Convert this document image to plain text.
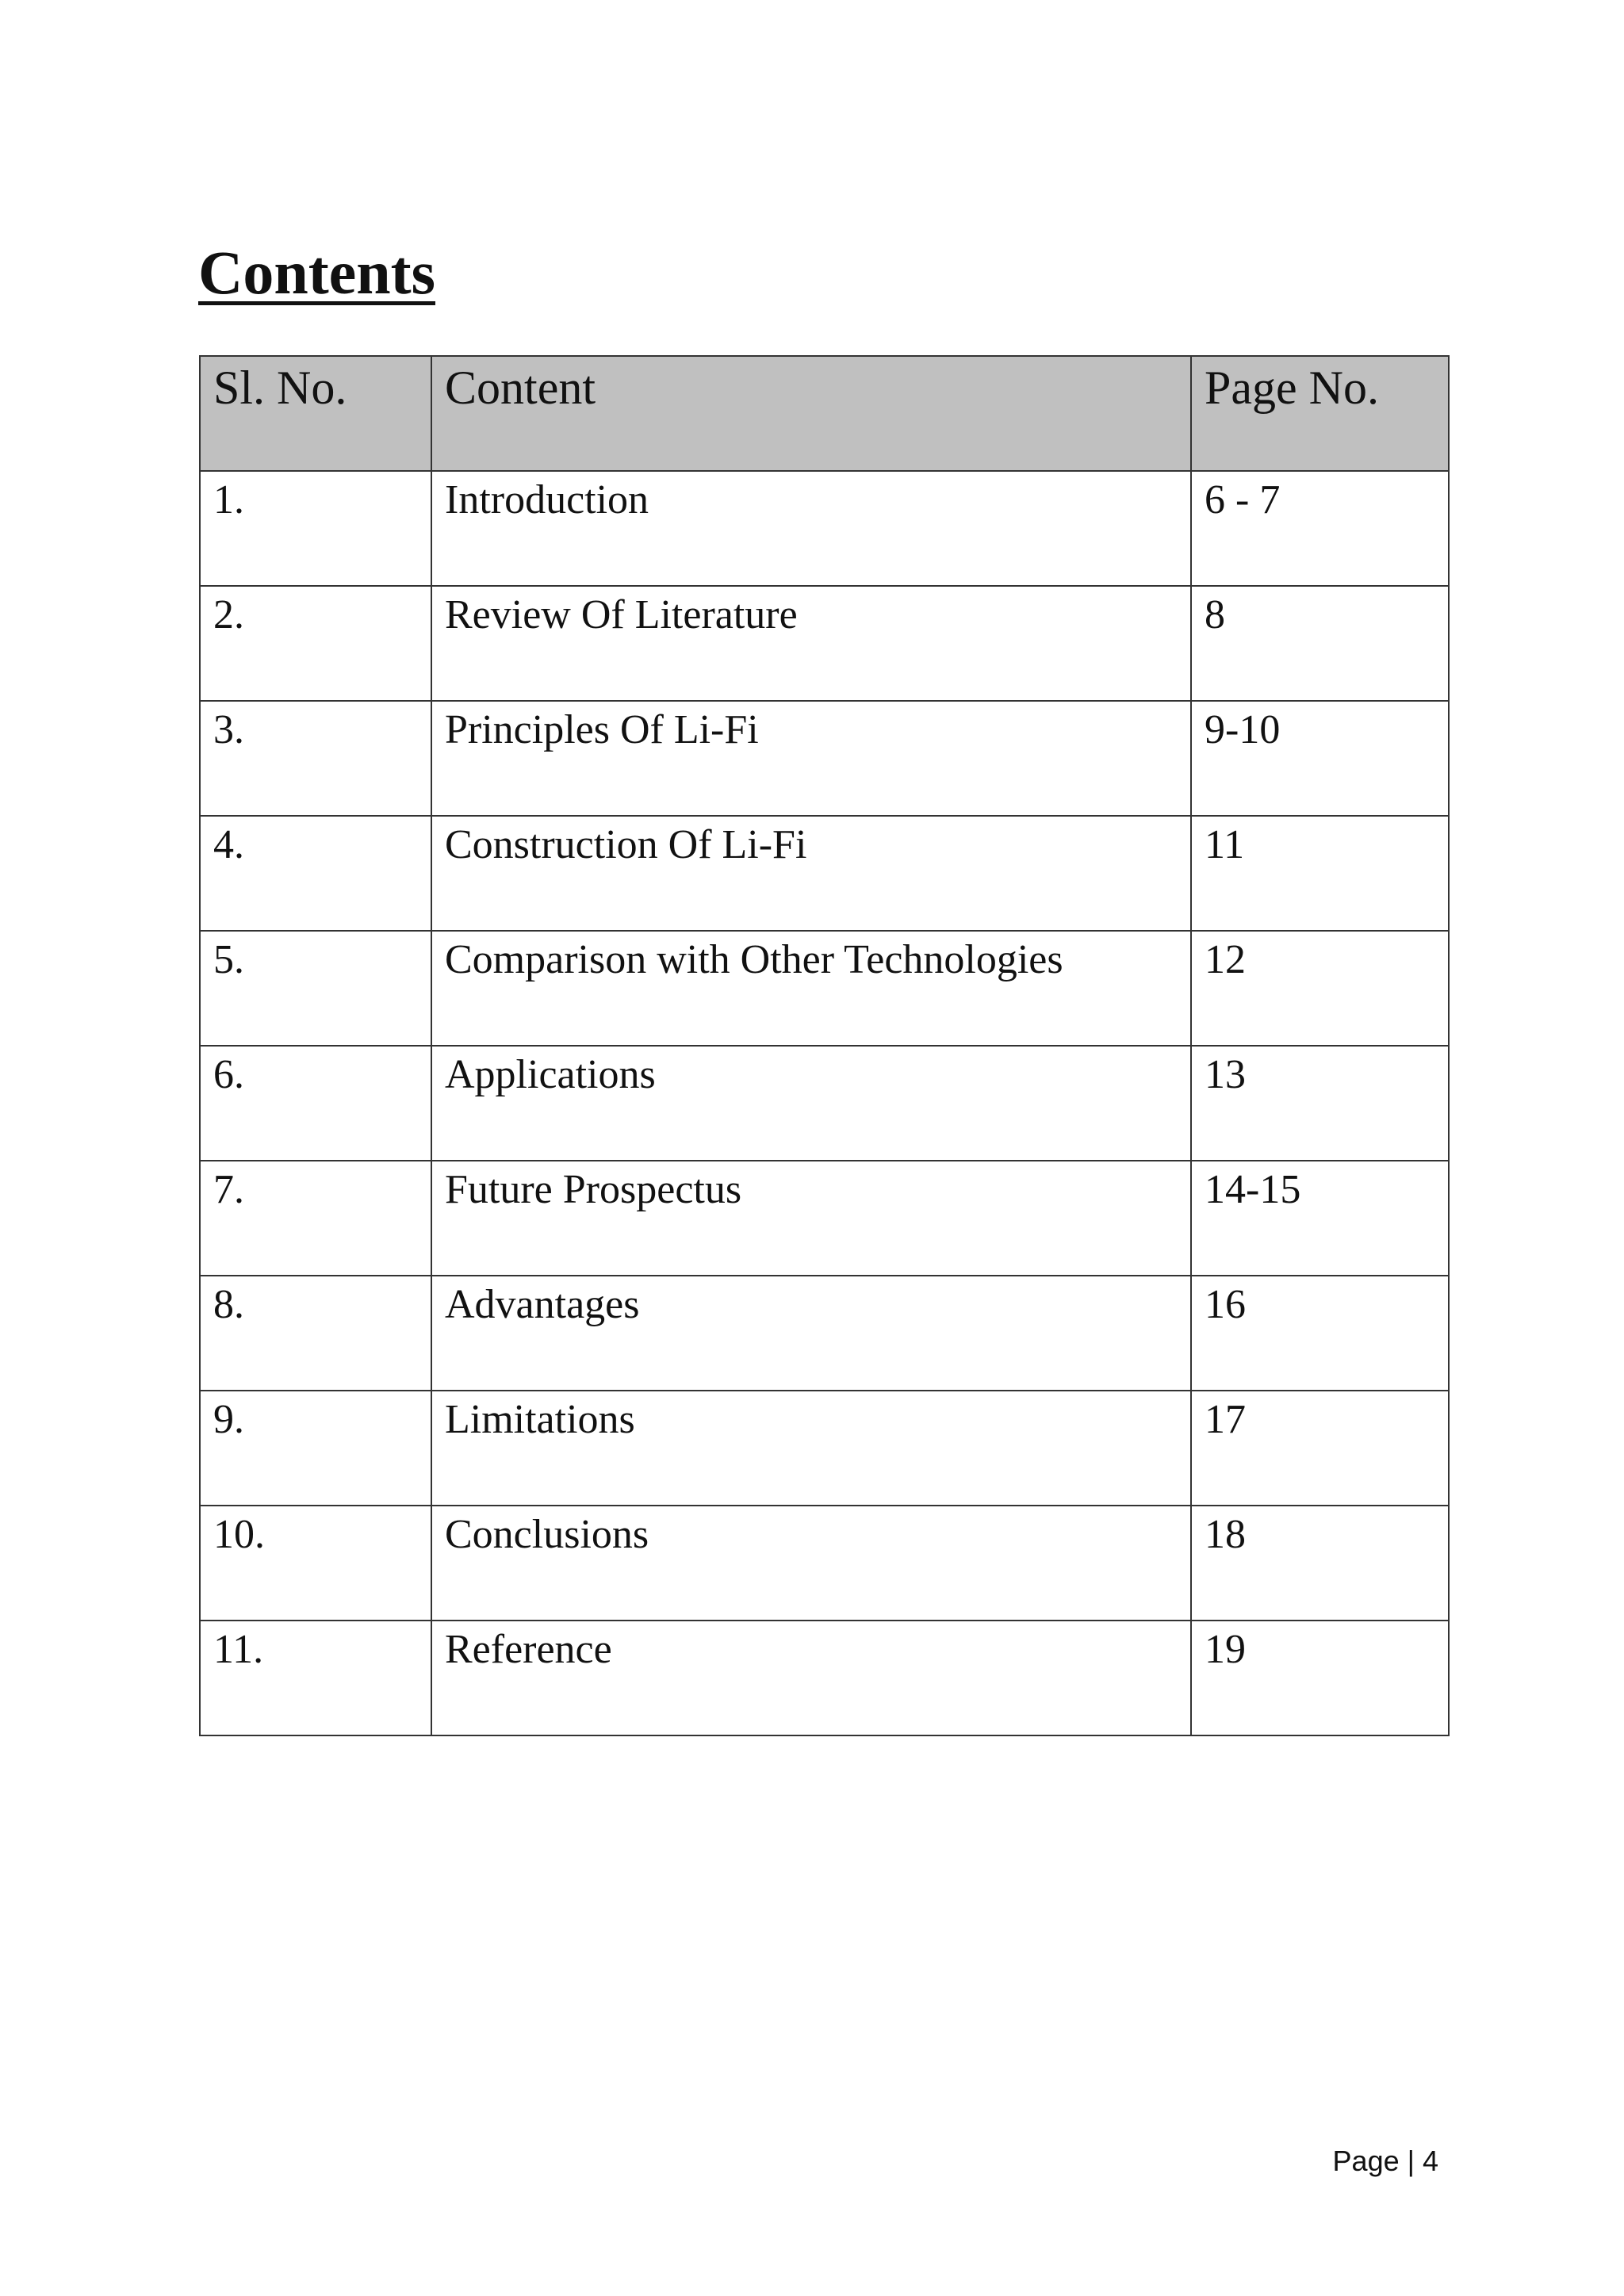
Contents
Sl. No.	Content	Page No.
1.	Introduction	6 - 7
2.	Review Of Literature	8
3.	Principles Of Li-Fi	9-10
4.	Construction Of Li-Fi	11
5.	Comparison with Other Technologies	12
6.	Applications	13
7.	Future Prospectus	14-15
8.	Advantages	16
9.	Limitations	17
10.	Conclusions	18
11.	Reference	19
Page | 4
